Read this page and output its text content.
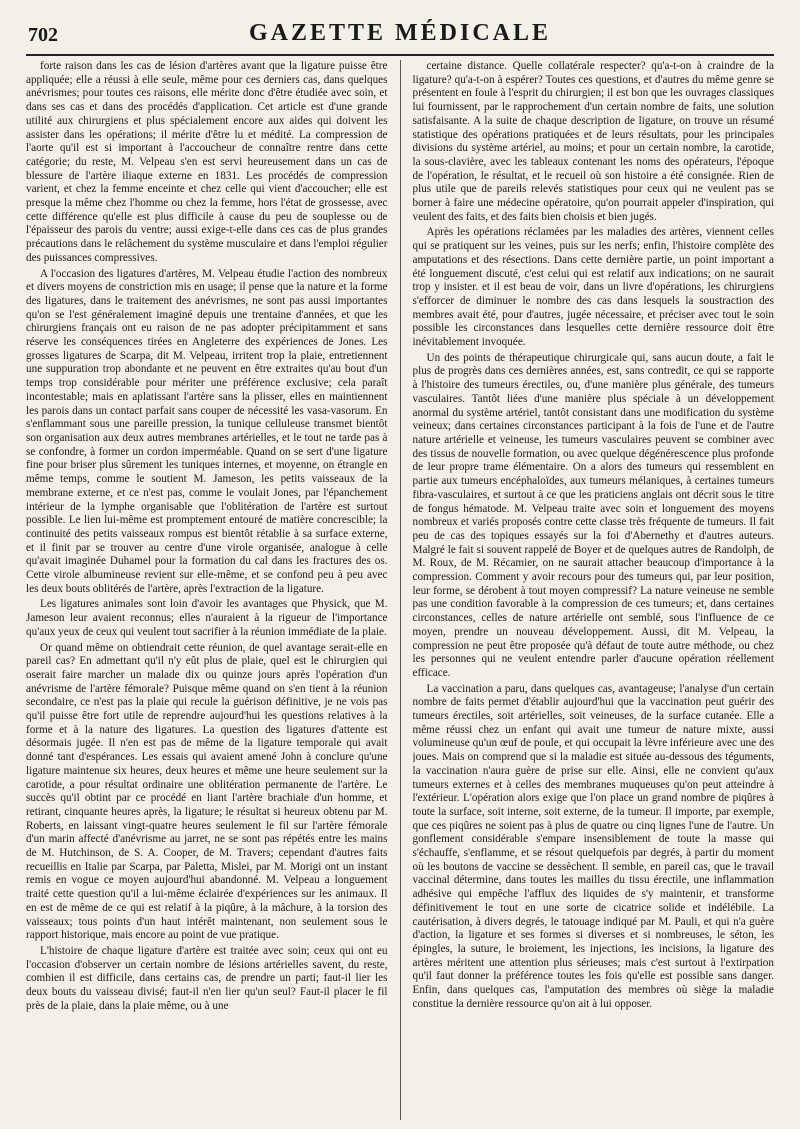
702	GAZETTE MÉDICALE

forte raison dans les cas de lésion d'artères avant que la ligature puisse être appliquée; elle a réussi à elle seule, même pour ces derniers cas, dans quelques anévrismes; pour toutes ces raisons, elle mérite donc d'être étudiée avec soin, et dans ses cas et dans des procédés d'application. Cet article est d'une grande utilité aux chirurgiens et plus spécialement encore aux aides qui doivent les assister dans les opérations; il mérite d'être lu et médité. La compression de l'aorte qu'il est si important à l'accoucheur de connaître rentre dans cette catégorie; du reste, M. Velpeau s'en est servi heureusement dans un cas de blessure de l'artère iliaque externe en 1831. Les procédés de compression varient, et chez la femme enceinte et chez celle qui vient d'accoucher; elle est presque la même chez l'homme ou chez la femme, hors l'état de grossesse, avec cette différence qu'elle est plus difficile à cause du peu de souplesse ou de l'épaisseur des parois du ventre; aussi exige-t-elle dans ces cas de plus grandes précautions dans le relâchement du système musculaire et dans l'emploi régulier des puissances compressives.

A l'occasion des ligatures d'artères, M. Velpeau étudie l'action des nombreux et divers moyens de constriction mis en usage; il pense que la nature et la forme des ligatures, dans le traitement des anévrismes, ne sont pas aussi importantes qu'on se l'est généralement imaginé depuis une trentaine d'années, et que les chirurgiens français ont eu raison de ne pas adopter précipitamment et sans réserve les conséquences tirées en Angleterre des expériences de Jones. Les grosses ligatures de Scarpa, dit M. Velpeau, irritent trop la plaie, entretiennent une suppuration trop abondante et ne peuvent en être extraites qu'au bout d'un temps trop considérable pour mériter une préférence exclusive; cela paraît incontestable; mais en aplatissant l'artère sans la plisser, elles en maintiennent les parois dans un contact parfait sans couper de nécessité les vasa-vasorum. En s'enflammant sous une pareille pression, la tunique celluleuse transmet bientôt son organisation aux deux autres membranes artérielles, et le tout ne tarde pas à se confondre, à former un cordon imperméable. Quand on se sert d'une ligature fine pour briser plus sûrement les tuniques internes, et moyenne, on étrangle en même temps, comme le soutient M. Jameson, les petits vaisseaux de la membrane externe, et ce n'est pas, comme le voulait Jones, par l'épanchement intérieur de la lymphe organisable que l'oblitération de l'artère est surtout possible. Le lien lui-même est promptement entouré de matière concrescible; la continuité des petits vaisseaux rompus est bientôt rétablie à sa surface externe, et il finit par se trouver au centre d'une virole organisée, analogue à celle qu'avait imaginée Duhamel pour la formation du cal dans les fractures des os. Cette virole albumineuse revient sur elle-même, et se confond peu à peu avec les deux bouts oblitérés de l'artère, après l'extraction de la ligature.

Les ligatures animales sont loin d'avoir les avantages que Physick, que M. Jameson leur avaient reconnus; elles n'auraient à la rigueur de l'importance qu'aux yeux de ceux qui veulent tout sacrifier à la réunion immédiate de la plaie.

Or quand même on obtiendrait cette réunion, de quel avantage serait-elle en pareil cas? En admettant qu'il n'y eût plus de plaie, quel est le chirurgien qui oserait faire marcher un malade dix ou quinze jours après l'opération d'un anévrisme de l'artère fémorale? Puisque même quand on s'en tient à la réunion secondaire, ce n'est pas la plaie qui recule la guérison définitive, je ne vois pas qu'il puisse être fort utile de reprendre aujourd'hui les questions relatives à la forme et à la nature des ligatures. La question des ligatures d'attente est désormais jugée. Il n'en est pas de même de la ligature temporale qui avait donné tant d'espérances. Les essais qui avaient amené John à conclure qu'une ligature maintenue six heures, deux heures et même une heure seulement sur la carotide, a pour résultat ordinaire une oblitération permanente de l'artère. Le succès qu'il obtint par ce procédé en liant l'artère brachiale d'un homme, et retirant, cinquante heures après, la ligature; le résultat si heureux obtenu par M. Roberts, en laissant vingt-quatre heures seulement le fil sur l'artère fémorale d'un marin affecté d'anévrisme au jarret, ne se sont pas répétés entre les mains de M. Hutchinson, de S. A. Cooper, de M. Travers; cependant d'autres faits recueillis en Italie par Scarpa, par Paletta, Mislei, par M. Morigi ont un instant remis en vogue ce moyen aujourd'hui abandonné. M. Velpeau a longuement traité cette question qu'il a lui-même éclairée d'expériences sur les animaux. Il en est de même de ce qui est relatif à la piqûre, à la mâchure, à la torsion des vaisseaux; tous points d'un haut intérêt maintenant, non seulement sous le rapport historique, mais encore au point de vue pratique.

L'histoire de chaque ligature d'artère est traitée avec soin; ceux qui ont eu l'occasion d'observer un certain nombre de lésions artérielles savent, du reste, combien il est difficile, dans certains cas, de prendre un parti; faut-il lier les deux bouts du vaisseau divisé; faut-il n'en lier qu'un seul? Faut-il placer le fil près de la plaie, dans la plaie même, ou à une

certaine distance. Quelle collatérale respecter? qu'a-t-on à craindre de la ligature? qu'a-t-on à espérer? Toutes ces questions, et d'autres du même genre se présentent en foule à l'esprit du chirurgien; il est bon que les ouvrages classiques lui fournissent, par le rapprochement d'un certain nombre de faits, une solution satisfaisante. A la suite de chaque description de ligature, on trouve un résumé statistique des opérations pratiquées et de leurs résultats, pour les principales divisions du système artériel, au moins; et pour un certain nombre, la carotide, la sous-clavière, avec les tableaux contenant les noms des opérateurs, l'époque de l'opération, le résultat, et le recueil où son histoire a été consignée. Rien de plus utile que de pareils relevés statistiques pour ceux qui ne veulent pas se borner à faire une médecine opératoire, qu'on pourrait appeler d'inspiration, qui veulent des faits, et des faits bien choisis et bien jugés.

Après les opérations réclamées par les maladies des artères, viennent celles qui se pratiquent sur les veines, puis sur les nerfs; enfin, l'histoire complète des amputations et des résections. Dans cette dernière partie, un point important a été longuement discuté, c'est celui qui est relatif aux indications; on ne saurait trop y insister. et il est beau de voir, dans un livre d'opérations, les chirurgiens s'efforcer de diminuer le nombre des cas dans lesquels la soustraction des membres avait été, pour d'autres, jugée nécessaire, et préciser avec tout le soin possible les circonstances dans lesquelles cette dernière ressource doit être inévitablement invoquée.

Un des points de thérapeutique chirurgicale qui, sans aucun doute, a fait le plus de progrès dans ces dernières années, est, sans contredit, ce qui se rapporte à l'histoire des tumeurs érectiles, ou, d'une manière plus générale, des tumeurs vasculaires. Tantôt liées d'une manière plus spéciale à un développement anormal du système artériel, tantôt consistant dans une modification du système veineux; dans certaines circonstances participant à la fois de l'une et de l'autre nature artérielle et veineuse, les tumeurs vasculaires peuvent se combiner avec des tissus de nouvelle formation, ou avec quelque dégénérescence plus profonde de leur propre trame élémentaire. On a alors des tumeurs qui ressemblent en partie aux tumeurs encéphaloïdes, aux tumeurs mélaniques, à certaines tumeurs fibra-vasculaires, et surtout à ce que les praticiens anglais ont décrit sous le titre de fongus hématode. M. Velpeau traite avec soin et longuement des moyens nombreux et variés proposés contre cette classe très fréquente de tumeurs. Il fait peu de cas des topiques essayés sur la foi d'Abernethy et d'autres auteurs. Malgré le fait si souvent rappelé de Boyer et de quelques autres de Randolph, de M. Roux, de M. Récamier, on ne saurait attacher beaucoup d'importance à la compression. Comment y avoir recours pour des tumeurs qui, par leur position, leur forme, se dérobent à tout moyen compressif? La nature veineuse ne semble pas une condition favorable à la compression de ces tumeurs; et, dans certaines circonstances, celles de nature artérielle ont semblé, sous l'influence de ce moyen, prendre un nouveau développement. Aussi, dit M. Velpeau, la compression ne peut être proposée qu'à défaut de toute autre méthode, ou chez les personnes qui ne veulent entendre parler d'aucune opération réellement efficace.

La vaccination a paru, dans quelques cas, avantageuse; l'analyse d'un certain nombre de faits permet d'établir aujourd'hui que la vaccination peut guérir des tumeurs érectiles, soit artérielles, soit veineuses, de la surface cutanée. Elle a même réussi chez un enfant qui avait une tumeur de nature mixte, aussi volumineuse qu'un œuf de poule, et qui occupait la lèvre inférieure avec une des joues. Mais on comprend que si la maladie est située au-dessous des téguments, la vaccination n'aura guère de prise sur elle. Ainsi, elle ne convient qu'aux tumeurs externes et à celles des membranes muqueuses qu'on peut atteindre à l'extérieur. L'opération alors exige que l'on place un grand nombre de piqûres à toute la surface, soit interne, soit externe, de la tumeur. Il importe, par exemple, que ces piqûres ne soient pas à plus de quatre ou cinq lignes l'une de l'autre. Un gonflement considérable s'empare insensiblement de toute la masse qui s'échauffe, s'enflamme, et se résout quelquefois par degrés, à partir du moment où les boutons de vaccine se dessèchent. Il semble, en pareil cas, que le travail vaccinal détermine, dans toutes les mailles du tissu érectile, une inflammation adhésive qui empêche l'afflux des liquides de s'y maintenir, et transforme définitivement le tout en une sorte de cicatrice solide et indélébile. La cautérisation, à divers degrés, le tatouage indiqué par M. Pauli, et qui n'a guère d'action, la ligature et ses formes si diverses et si nombreuses, le séton, les épingles, la suture, le broiement, les injections, les incisions, la ligature des artères méritent une attention plus sérieuses; mais c'est surtout à l'extirpation qu'il faut donner la préférence toutes les fois qu'elle est possible sans danger. Enfin, dans quelques cas, l'amputation des membres où siège la maladie constitue la dernière ressource qu'on ait à lui opposer.
